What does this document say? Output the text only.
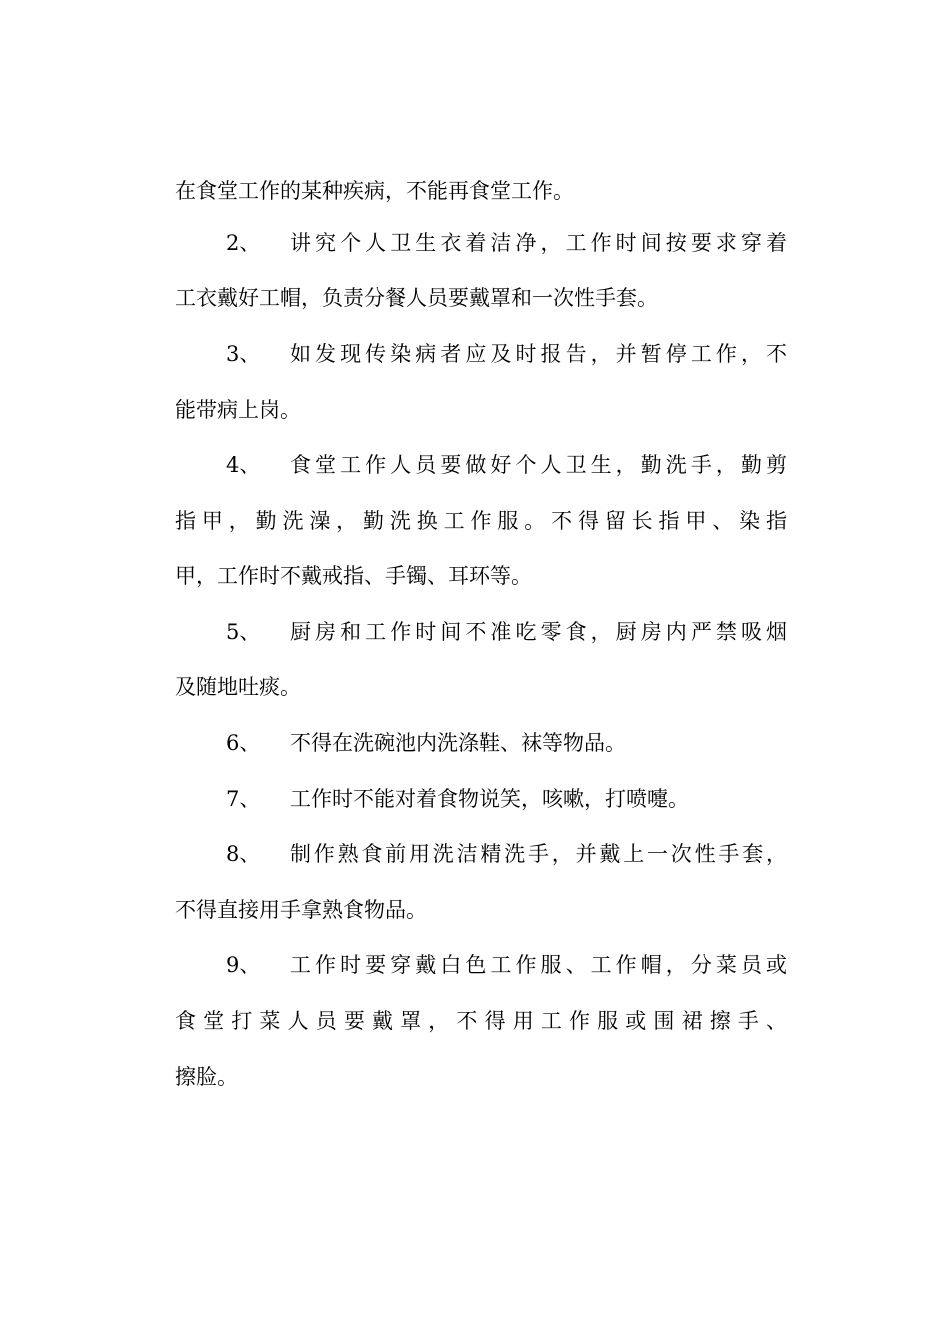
在食堂工作的某种疾病，不能再食堂工作。
2、	讲究个人卫生衣着洁净，工作时间按要求穿着
工衣戴好工帽，负责分餐人员要戴罩和一次性手套。
3、	如发现传染病者应及时报告，并暂停工作，不
能带病上岗。
4、	食堂工作人员要做好个人卫生，勤洗手，勤剪
指甲，勤洗澡，勤洗换工作服。不得留长指甲、染指
甲，工作时不戴戒指、手镯、耳环等。
5、	厨房和工作时间不准吃零食，厨房内严禁吸烟
及随地吐痰。
6、	不得在洗碗池内洗涤鞋、袜等物品。
7、	工作时不能对着食物说笑，咳嗽，打喷嚏。
8、	制作熟食前用洗洁精洗手，并戴上一次性手套，
不得直接用手拿熟食物品。
9、	工作时要穿戴白色工作服、工作帽，分菜员或
食堂打菜人员要戴罩，不得用工作服或围裙擦手、
擦脸。
